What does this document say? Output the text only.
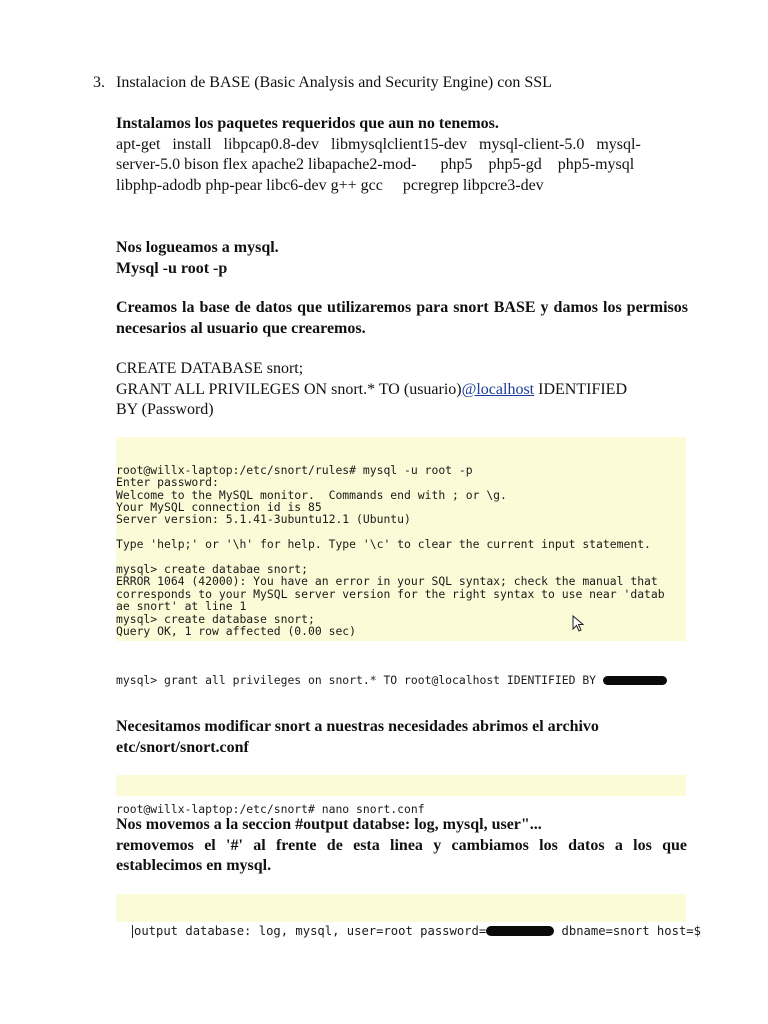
3. Instalacion de BASE (Basic Analysis and Security Engine) con SSL
Instalamos los paquetes requeridos que aun no tenemos.
apt-get   install   libpcap0.8-dev   libmysqlclient15-dev   mysql-client-5.0   mysql-
server-5.0 bison flex apache2 libapache2-mod-      php5    php5-gd    php5-mysql
libphp-adodb php-pear libc6-dev g++ gcc     pcregrep libpcre3-dev
Nos logueamos a mysql.
Mysql -u root -p
Creamos la base de datos que utilizaremos para snort BASE y damos los permisos necesarios al usuario que crearemos.
CREATE DATABASE snort;
GRANT ALL PRIVILEGES ON snort.* TO (usuario)@localhost IDENTIFIED
BY (Password)

root@willx-laptop:/etc/snort/rules# mysql -u root -p
Enter password:
Welcome to the MySQL monitor.  Commands end with ; or \g.
Your MySQL connection id is 85
Server version: 5.1.41-3ubuntu12.1 (Ubuntu)
Type 'help;' or '\h' for help. Type '\c' to clear the current input statement.
mysql> create databae snort;
ERROR 1064 (42000): You have an error in your SQL syntax; check the manual that
corresponds to your MySQL server version for the right syntax to use near 'datab
ae snort' at line 1
mysql> create database snort;
Query OK, 1 row affected (0.00 sec)

mysql> grant all privileges on snort.* TO root@localhost IDENTIFIED BY

Necesitamos modificar snort a nuestras necesidades abrimos el archivo
etc/snort/snort.conf

root@willx-laptop:/etc/snort# nano snort.conf

Nos movemos a la seccion #output databse: log, mysql, user"...
removemos el '#' al frente de esta linea y cambiamos los datos a los que establecimos en mysql.

output database: log, mysql, user=root password=	dbname=snort host=$
